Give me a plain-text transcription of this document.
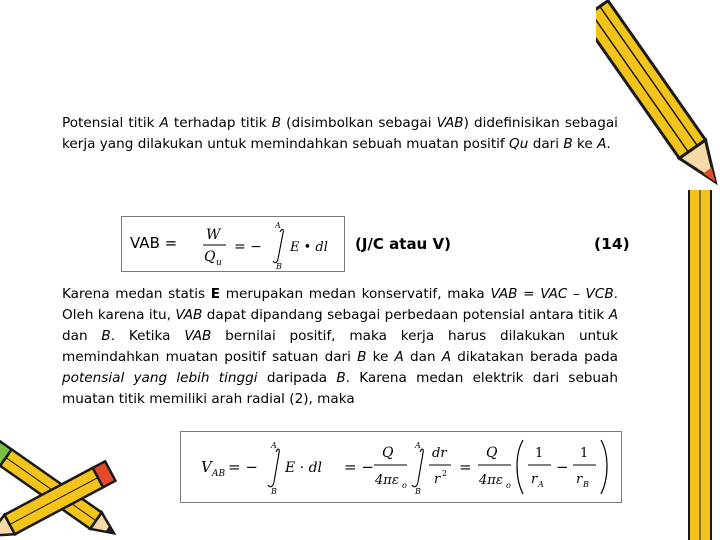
Potensial titik A terhadap titik B (disimbolkan sebagai VAB) didefinisikan sebagai kerja yang dilakukan untuk memindahkan sebuah muatan positif Qu dari B ke A.
VAB = W
Q u
= −
A
B
E • dl (J/C atau V)	(14)
Karena medan statis E merupakan medan konservatif, maka VAB = VAC – VCB. Oleh karena itu, VAB dapat dipandang sebagai perbedaan potensial antara titik A dan B. Ketika VAB bernilai positif, maka kerja harus dilakukan untuk memindahkan muatan positif satuan dari B ke A dan A dikatakan berada pada potensial yang lebih tinggi daripada B. Karena medan elektrik dari sebuah muatan titik memiliki arah radial (2), maka
V AB = −
A
B
E · dl = −
Q
4πε o
A
B
dr
r 2 =
Q
4πε o
1
r A
−
1
r B
